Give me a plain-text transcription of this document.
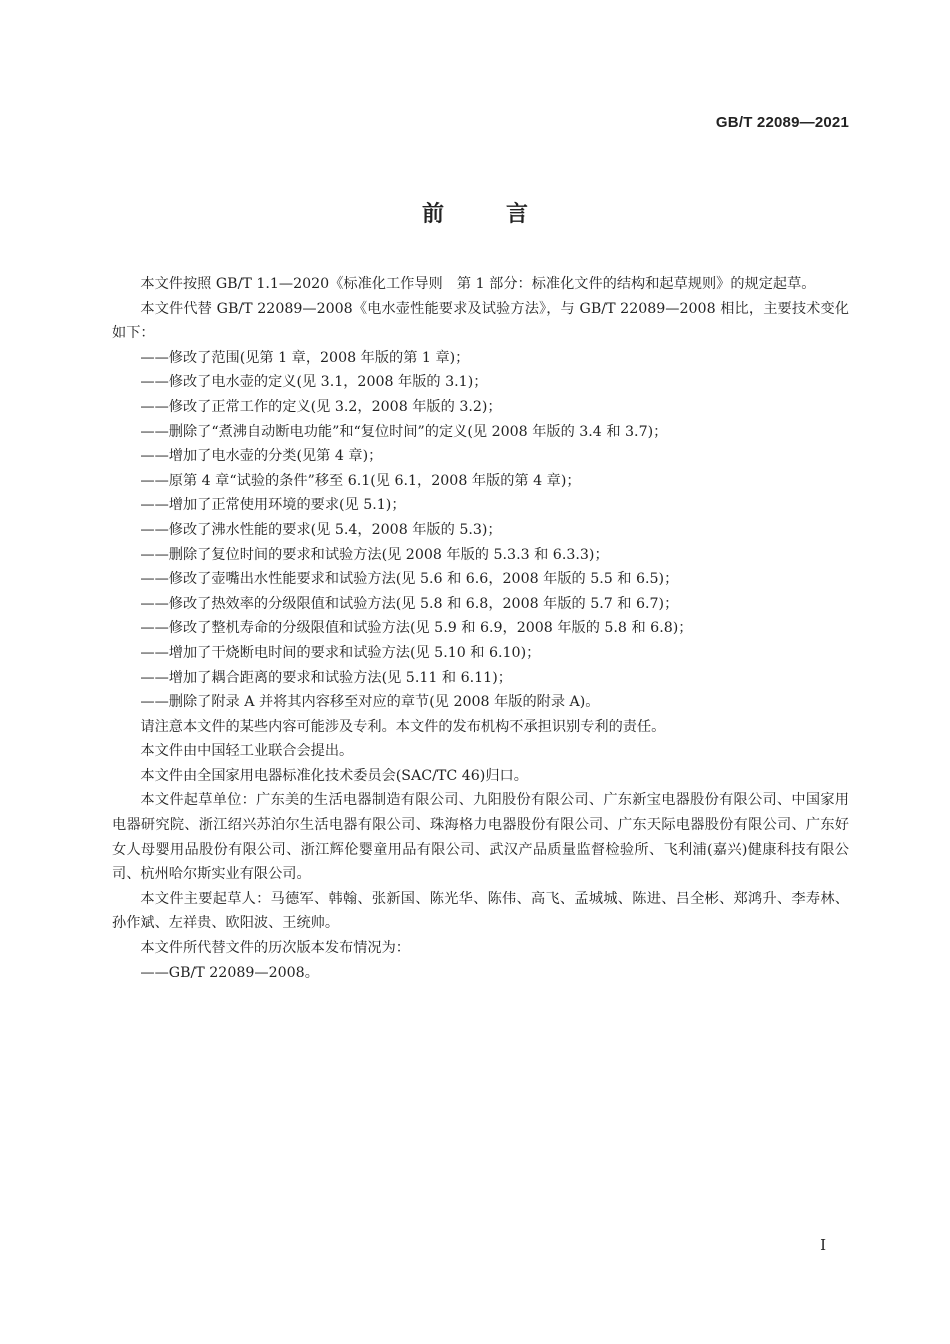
GB/T 22089—2021
前言

本文件按照 GB/T 1.1—2020《标准化工作导则　第 1 部分：标准化文件的结构和起草规则》的规定起草。

本文件代替 GB/T 22089—2008《电水壶性能要求及试验方法》，与 GB/T 22089—2008 相比，主要技术变化如下：

——修改了范围(见第 1 章，2008 年版的第 1 章)；
——修改了电水壶的定义(见 3.1，2008 年版的 3.1)；
——修改了正常工作的定义(见 3.2，2008 年版的 3.2)；
——删除了“煮沸自动断电功能”和“复位时间”的定义(见 2008 年版的 3.4 和 3.7)；
——增加了电水壶的分类(见第 4 章)；
——原第 4 章“试验的条件”移至 6.1(见 6.1，2008 年版的第 4 章)；
——增加了正常使用环境的要求(见 5.1)；
——修改了沸水性能的要求(见 5.4，2008 年版的 5.3)；
——删除了复位时间的要求和试验方法(见 2008 年版的 5.3.3 和 6.3.3)；
——修改了壶嘴出水性能要求和试验方法(见 5.6 和 6.6，2008 年版的 5.5 和 6.5)；
——修改了热效率的分级限值和试验方法(见 5.8 和 6.8，2008 年版的 5.7 和 6.7)；
——修改了整机寿命的分级限值和试验方法(见 5.9 和 6.9，2008 年版的 5.8 和 6.8)；
——增加了干烧断电时间的要求和试验方法(见 5.10 和 6.10)；
——增加了耦合距离的要求和试验方法(见 5.11 和 6.11)；
——删除了附录 A 并将其内容移至对应的章节(见 2008 年版的附录 A)。

请注意本文件的某些内容可能涉及专利。本文件的发布机构不承担识别专利的责任。

本文件由中国轻工业联合会提出。

本文件由全国家用电器标准化技术委员会(SAC/TC 46)归口。

本文件起草单位：广东美的生活电器制造有限公司、九阳股份有限公司、广东新宝电器股份有限公司、中国家用电器研究院、浙江绍兴苏泊尔生活电器有限公司、珠海格力电器股份有限公司、广东天际电器股份有限公司、广东好女人母婴用品股份有限公司、浙江辉伦婴童用品有限公司、武汉产品质量监督检验所、飞利浦(嘉兴)健康科技有限公司、杭州哈尔斯实业有限公司。

本文件主要起草人：马德军、韩翰、张新国、陈光华、陈伟、高飞、孟城城、陈进、吕全彬、郑鸿升、李寿林、孙作斌、左祥贵、欧阳波、王统帅。

本文件所代替文件的历次版本发布情况为：

——GB/T 22089—2008。
I
